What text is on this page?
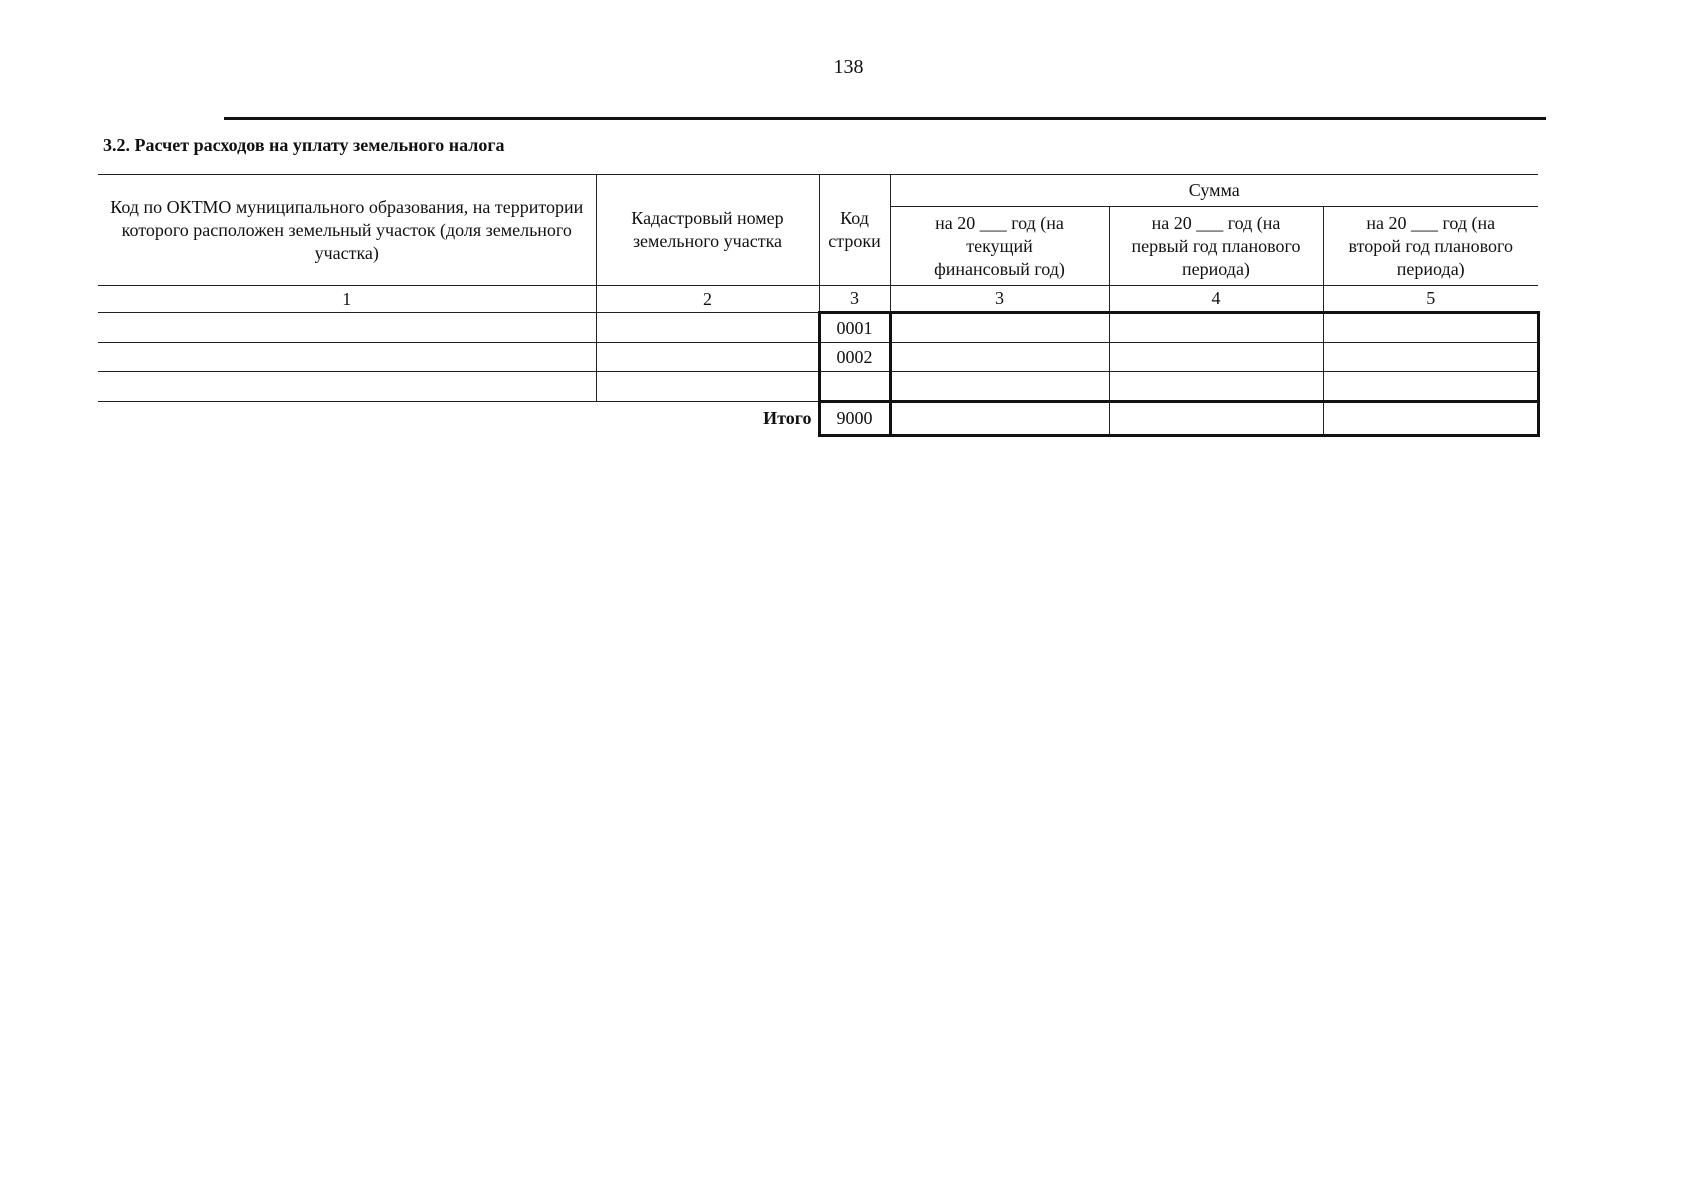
138
3.2. Расчет расходов на уплату земельного налога
Код по ОКТМО муниципального образования, на территории которого расположен земельный участок (доля земельного участка)	Кадастровый номер земельного участка	Код строки	Сумма		
			на 20 ___ год (на текущий финансовый год)	на 20 ___ год (на первый год планового периода)	на 20 ___ год (на второй год планового периода)
1	2	3	3	4	5
		0001			
		0002			

Итого		9000			
